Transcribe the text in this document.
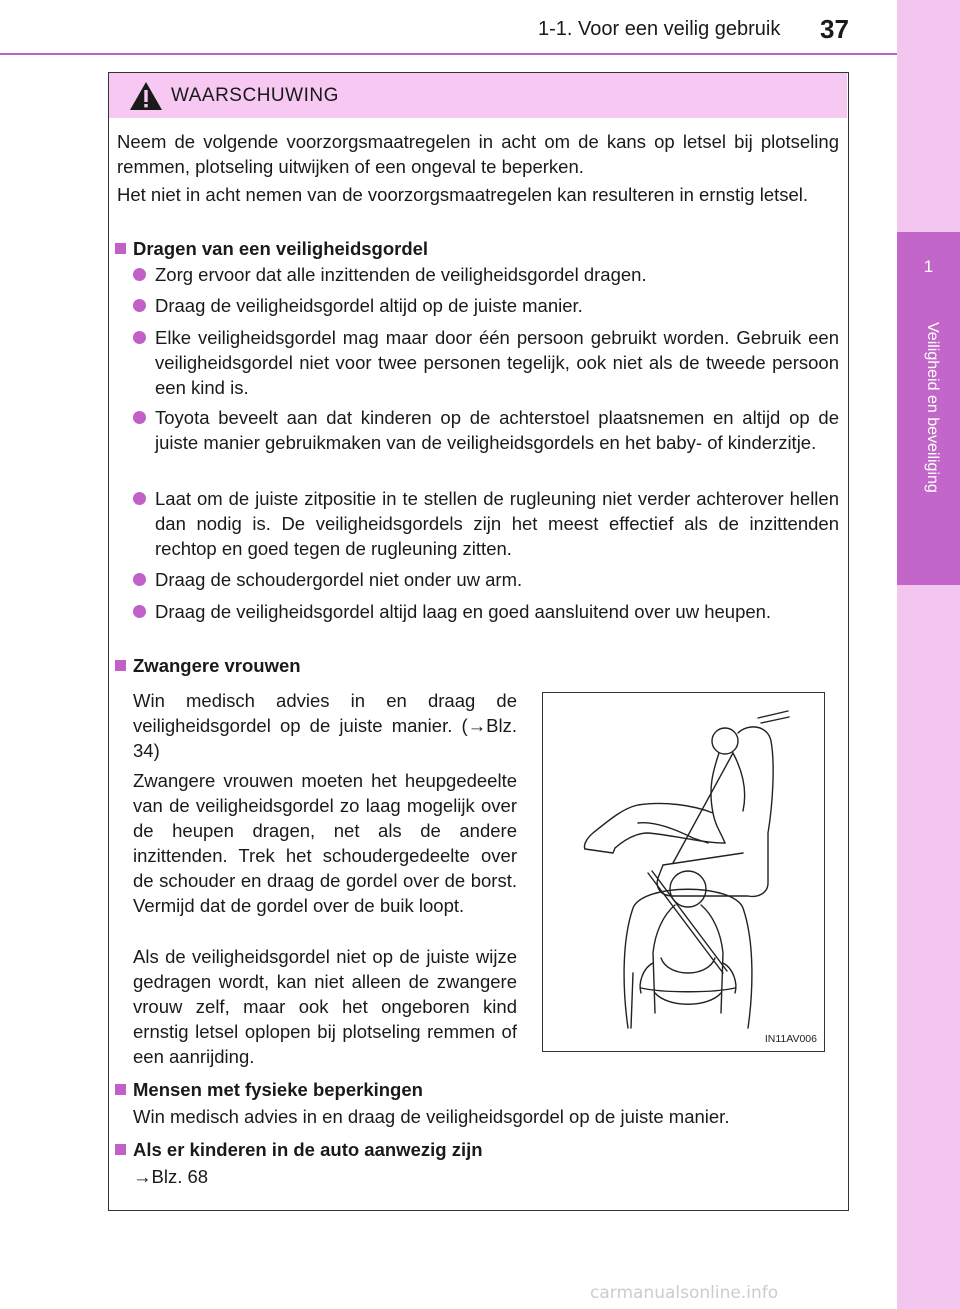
1-1. Voor een veilig gebruik 37
1
Veiligheid en beveiliging
WAARSCHUWING
Neem de volgende voorzorgsmaatregelen in acht om de kans op letsel bij plotseling remmen, plotseling uitwijken of een ongeval te beperken.
Het niet in acht nemen van de voorzorgsmaatregelen kan resulteren in ernstig letsel.
Dragen van een veiligheidsgordel
Zorg ervoor dat alle inzittenden de veiligheidsgordel dragen.
Draag de veiligheidsgordel altijd op de juiste manier.
Elke veiligheidsgordel mag maar door één persoon gebruikt worden. Gebruik een veiligheidsgordel niet voor twee personen tegelijk, ook niet als de tweede persoon een kind is.
Toyota beveelt aan dat kinderen op de achterstoel plaatsnemen en altijd op de juiste manier gebruikmaken van de veiligheidsgordels en het baby- of kinderzitje.
Laat om de juiste zitpositie in te stellen de rugleuning niet verder achterover hellen dan nodig is. De veiligheidsgordels zijn het meest effectief als de inzittenden rechtop en goed tegen de rugleuning zitten.
Draag de schoudergordel niet onder uw arm.
Draag de veiligheidsgordel altijd laag en goed aansluitend over uw heupen.
Zwangere vrouwen
Win medisch advies in en draag de veiligheidsgordel op de juiste manier. (→Blz. 34)
Zwangere vrouwen moeten het heupgedeelte van de veiligheidsgordel zo laag mogelijk over de heupen dragen, net als de andere inzittenden. Trek het schoudergedeelte over de schouder en draag de gordel over de borst. Vermijd dat de gordel over de buik loopt.
Als de veiligheidsgordel niet op de juiste wijze gedragen wordt, kan niet alleen de zwangere vrouw zelf, maar ook het ongeboren kind ernstig letsel oplopen bij plotseling remmen of een aanrijding.
IN11AV006
Mensen met fysieke beperkingen
Win medisch advies in en draag de veiligheidsgordel op de juiste manier.
Als er kinderen in de auto aanwezig zijn
→Blz. 68
carmanualsonline.info
